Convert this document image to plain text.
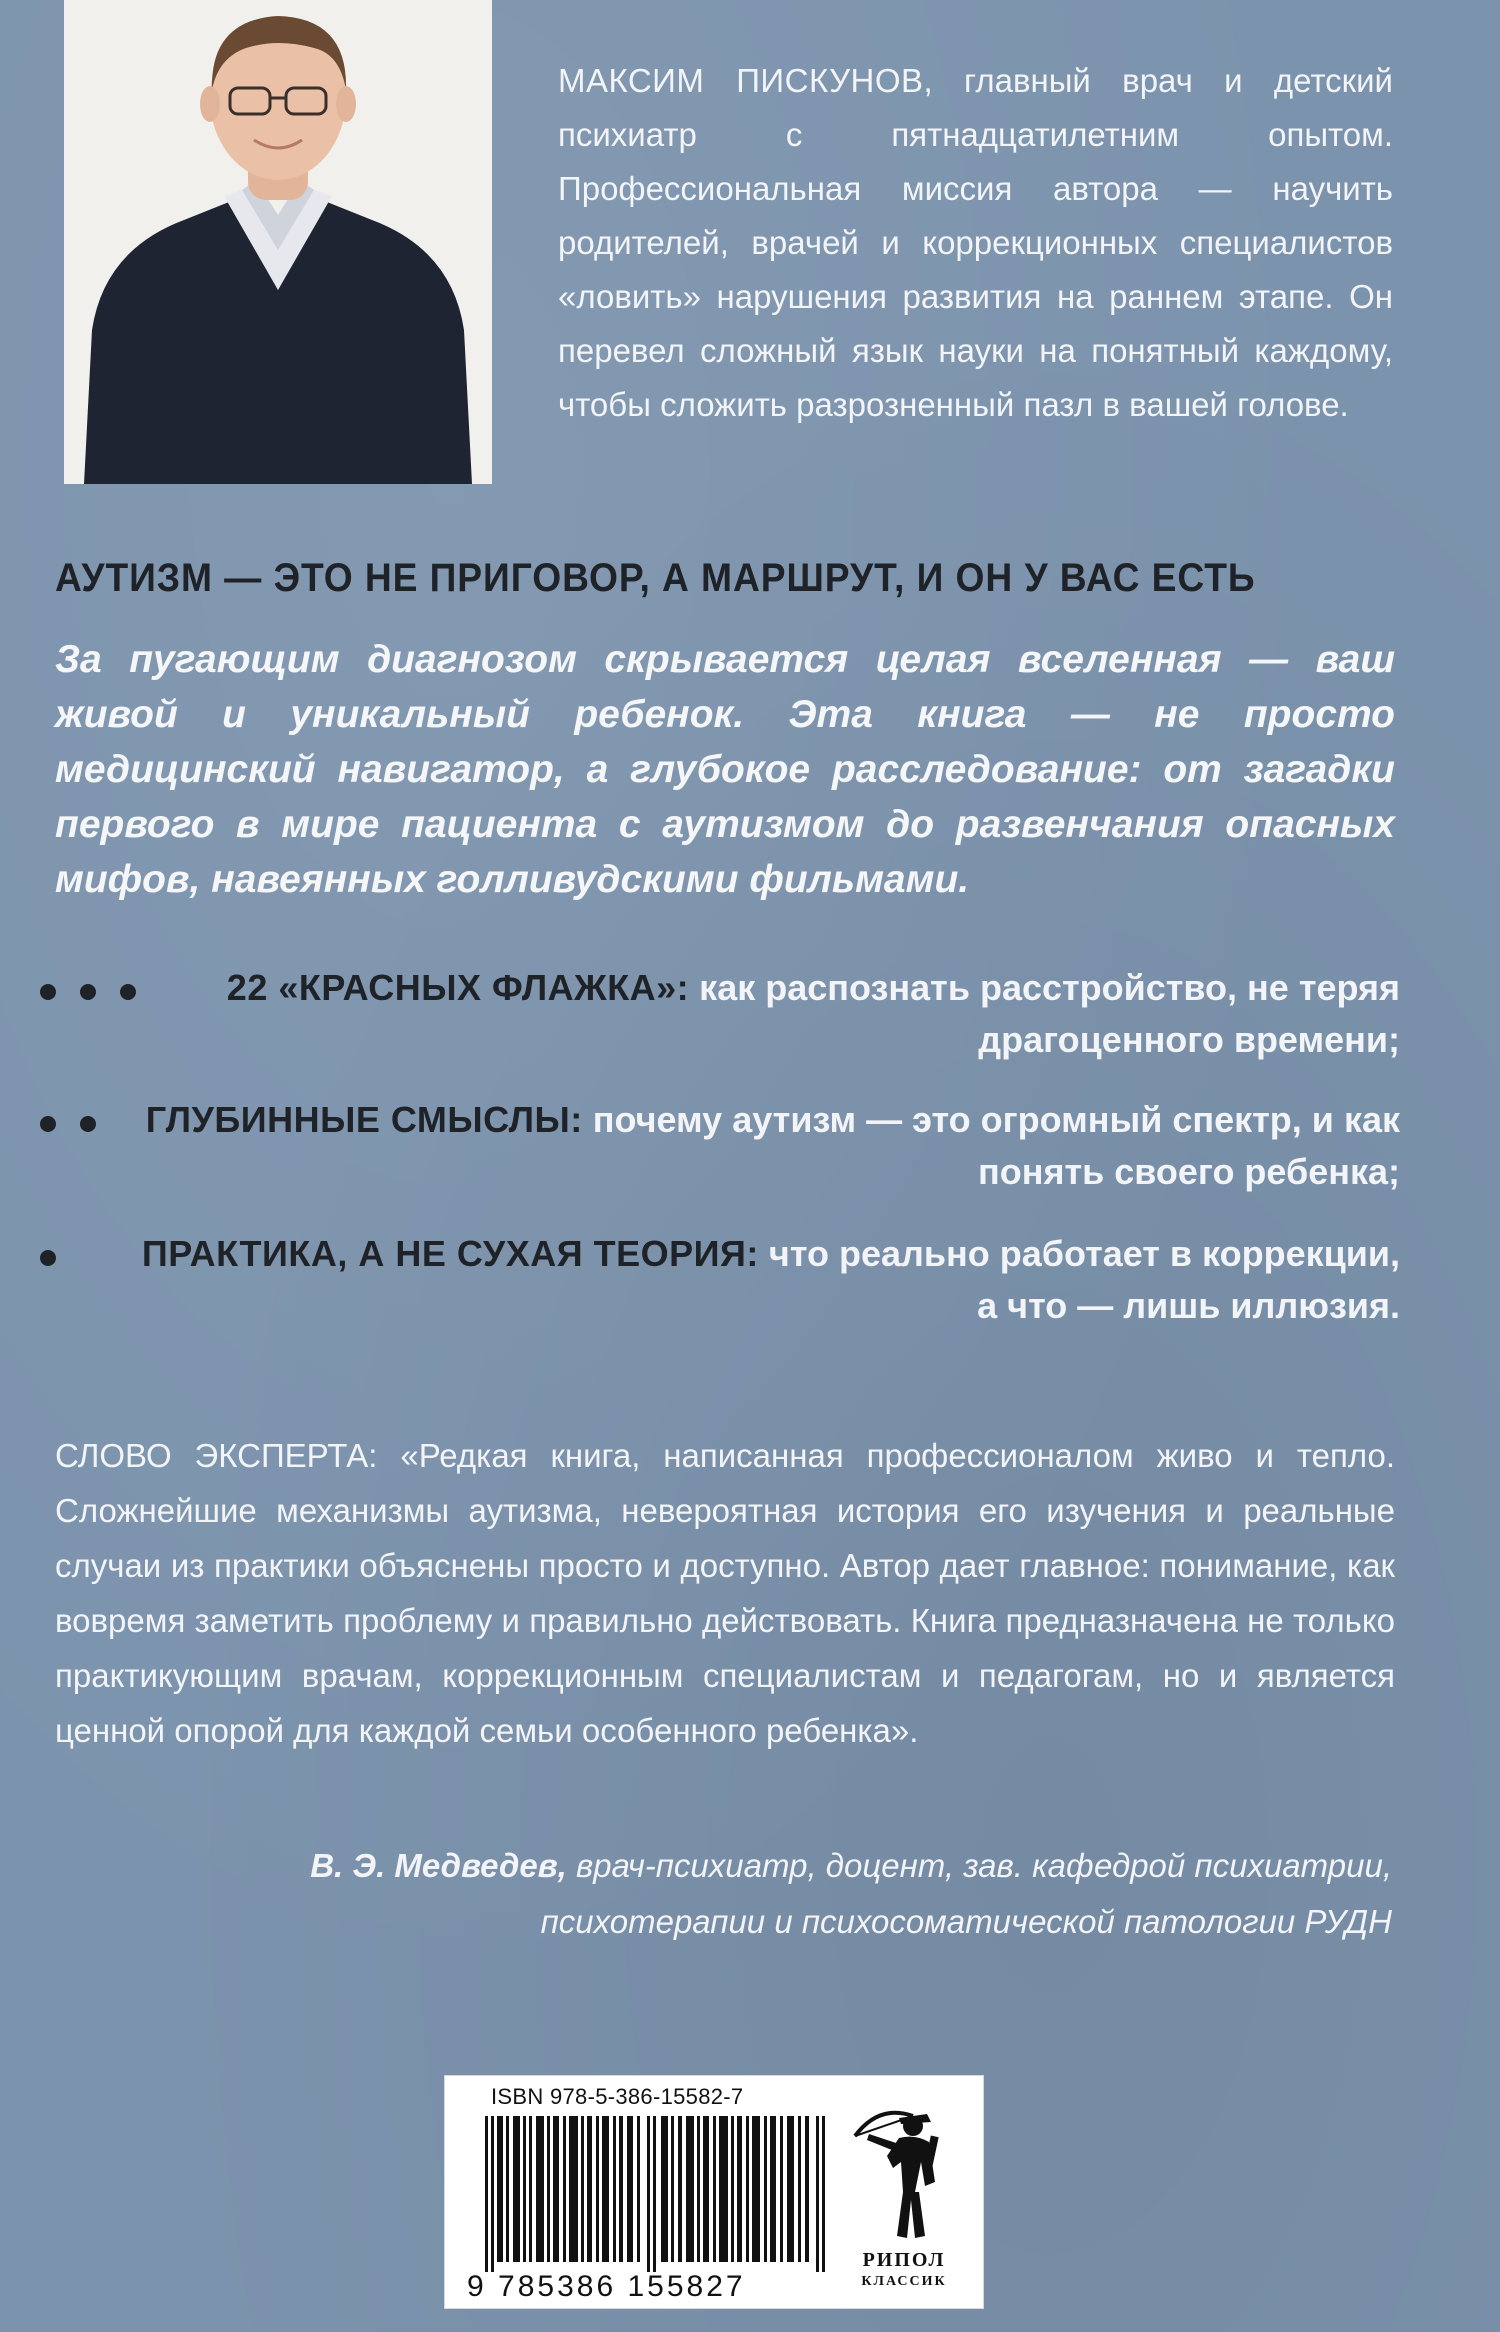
МАКСИМ ПИСКУНОВ, главный врач и детский психиатр с пятнадцатилетним опытом. Профессиональная миссия автора — научить родителей, врачей и коррекционных специалистов «ловить» нарушения развития на раннем этапе. Он перевел сложный язык науки на понятный каждому, чтобы сложить разрозненный пазл в вашей голове.
АУТИЗМ — ЭТО НЕ ПРИГОВОР, А МАРШРУТ, И ОН У ВАС ЕСТЬ
За пугающим диагнозом скрывается целая вселенная — ваш живой и уникальный ребенок. Эта книга — не просто медицинский навигатор, а глубокое расследование: от загадки первого в мире пациента с аутизмом до развенчания опасных мифов, навеянных голливудскими фильмами.
22 «КРАСНЫХ ФЛАЖКА»: как распознать расстройство, не теряя
драгоценного времени;
ГЛУБИННЫЕ СМЫСЛЫ: почему аутизм — это огромный спектр, и как
понять своего ребенка;
ПРАКТИКА, А НЕ СУХАЯ ТЕОРИЯ: что реально работает в коррекции,
а что — лишь иллюзия.
СЛОВО ЭКСПЕРТА: «Редкая книга, написанная профессионалом живо и тепло. Сложнейшие механизмы аутизма, невероятная история его изучения и реальные случаи из практики объяснены просто и доступно. Автор дает главное: понимание, как вовремя заметить проблему и правильно действовать. Книга предназначена не только практикующим врачам, коррекционным специалистам и педагогам, но и является ценной опорой для каждой семьи особенного ребенка».
В. Э. Медведев, врач-психиатр, доцент, зав. кафедрой психиатрии,
психотерапии и психосоматической патологии РУДН
ISBN 978-5-386-15582-7
9 785386 155827
РИПОЛ
КЛАССИК
